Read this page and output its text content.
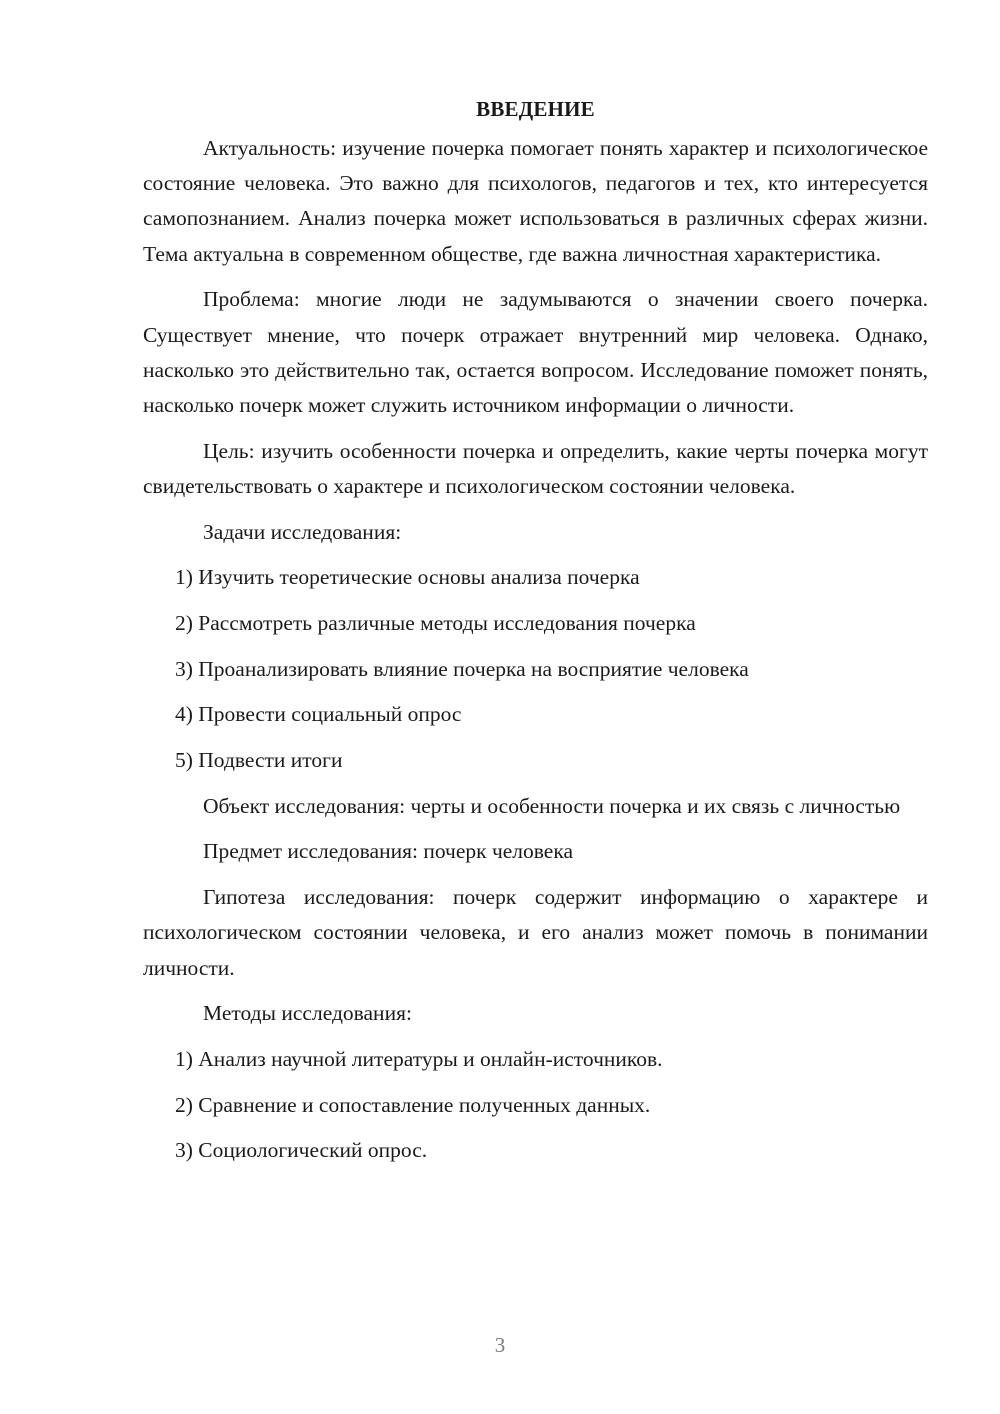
ВВЕДЕНИЕ

Актуальность: изучение почерка помогает понять характер и психологическое состояние человека. Это важно для психологов, педагогов и тех, кто интересуется самопознанием. Анализ почерка может использоваться в различных сферах жизни. Тема актуальна в современном обществе, где важна личностная характеристика.

Проблема: многие люди не задумываются о значении своего почерка. Существует мнение, что почерк отражает внутренний мир человека. Однако, насколько это действительно так, остается вопросом. Исследование поможет понять, насколько почерк может служить источником информации о личности.

Цель: изучить особенности почерка и определить, какие черты почерка могут свидетельствовать о характере и психологическом состоянии человека.

Задачи исследования:

1) Изучить теоретические основы анализа почерка
2) Рассмотреть различные методы исследования почерка
3) Проанализировать влияние почерка на восприятие человека
4) Провести социальный опрос
5) Подвести итоги

Объект исследования: черты и особенности почерка и их связь с личностью

Предмет исследования: почерк человека

Гипотеза исследования: почерк содержит информацию о характере и психологическом состоянии человека, и его анализ может помочь в понимании личности.

Методы исследования:

1) Анализ научной литературы и онлайн-источников.
2) Сравнение и сопоставление полученных данных.
3) Социологический опрос.
3
